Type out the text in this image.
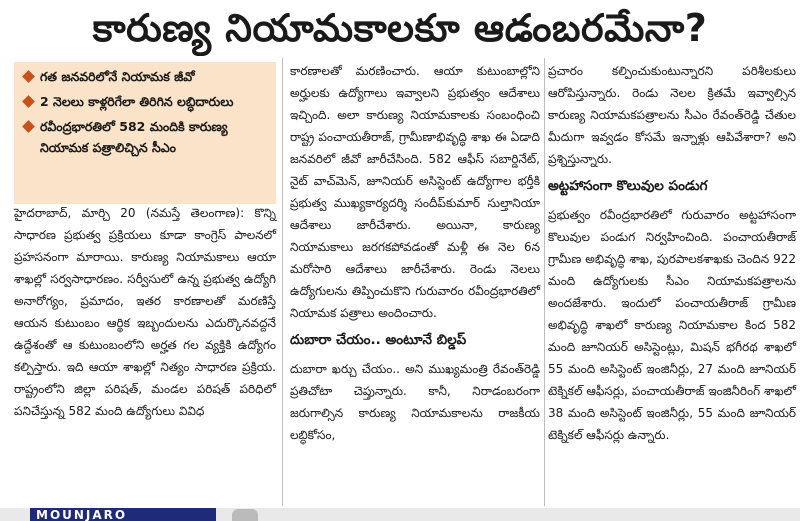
కారుణ్య నియామకాలకూ ఆడంబరమేనా?
గత జనవరిలోనే నియామక జీవో
2 నెలలు కాళ్లరిగేలా తిరిగిన లబ్ధిదారులు
రవీంద్రభారతిలో 582 మందికి కారుణ్య నియామక పత్రాలిచ్చిన సీఎం

హైదరాబాద్, మార్చి 20 (నమస్తే తెలంగాణ): కొన్ని సాధారణ ప్రభుత్వ ప్రక్రియలు కూడా కాంగ్రెస్ పాలనలో ప్రహసనంగా మారాయి. కారుణ్య నియామకాలు ఆయా శాఖల్లో సర్వసాధారణం. సర్వీసులో ఉన్న ప్రభుత్వ ఉద్యోగి అనారోగ్యం, ప్రమాదం, ఇతర కారణాలతో మరణిస్తే ఆయన కుటుంబం ఆర్థిక ఇబ్బందులను ఎదుర్కొనవద్దనే ఉద్దేశంతో ఆ కుటుంబంలోని అర్హత గల వ్యక్తికి ఉద్యోగం కల్పిస్తారు. ఇది ఆయా శాఖల్లో నిత్యం సాధారణ ప్రక్రియ. రాష్ట్రంలోని జిల్లా పరిషత్, మండల పరిషత్ పరిధిలో పనిచేస్తున్న 582 మంది ఉద్యోగులు వివిధ

కారణాలతో మరణించారు. ఆయా కుటుంబాల్లోని అర్హులకు ఉద్యోగాలు ఇవ్వాలని ప్రభుత్వం ఆదేశాలు ఇచ్చింది. అలా కారుణ్య నియామకాలకు సంబంధించి రాష్ట్ర పంచాయతీరాజ్, గ్రామీణాభివృద్ధి శాఖ ఈ ఏడాది జనవరిలో జీవో జారీచేసింది. 582 ఆఫీస్ సబార్డినేట్, నైట్ వాచ్‌మెన్, జూనియర్ అసిస్టెంట్ ఉద్యోగాల భర్తీకి ప్రభుత్వ ముఖ్యకార్యదర్శి సందీప్‌కుమార్ సుల్తానియా ఆదేశాలు జారీచేశారు. అయినా, కారుణ్య నియామకాలు జరగకపోవడంతో మళ్లీ ఈ నెల 6న మరోసారి ఆదేశాలు జారీచేశారు. రెండు నెలలు ఉద్యోగులను తిప్పించుకొని గురువారం రవీంద్రభారతిలో నియామక పత్రాలు అందించారు.

దుబారా చేయం.. అంటూనే బిల్డప్

దుబారా ఖర్చు చేయం.. అని ముఖ్యమంత్రి రేవంత్‌రెడ్డి ప్రతిచోటా చెప్తున్నారు. కానీ, నిరాడంబరంగా జరుగాల్సిన కారుణ్య నియామకాలను రాజకీయ లబ్ధికోసం,

ప్రచారం కల్పించుకుంటున్నారని పరిశీలకులు ఆరోపిస్తున్నారు. రెండు నెలల క్రితమే ఇవ్వాల్సిన కారుణ్య నియామకపత్రాలను సీఎం రేవంత్‌రెడ్డి చేతుల మీదుగా ఇవ్వడం కోసమే ఇన్నాళ్లు ఆపివేశారా? అని ప్రశ్నిస్తున్నారు.

అట్టహాసంగా కొలువుల పండుగ

ప్రభుత్వం రవీంద్రభారతిలో గురువారం అట్టహాసంగా కొలువుల పండుగ నిర్వహించింది. పంచాయతీరాజ్ గ్రామీణ అభివృద్ధి శాఖ, పురపాలకశాఖకు చెందిన 922 మంది ఉద్యోగులకు సీఎం నియామకపత్రాలను అందజేశారు. ఇందులో పంచాయతీరాజ్ గ్రామీణ అభివృద్ధి శాఖలో కారుణ్య నియామకాల కింద 582 మంది జూనియర్ అసిస్టెంట్లు, మిషన్ భగీరథ శాఖలో 55 మంది అసిస్టెంట్ ఇంజినీర్లు, 27 మంది జూనియర్ టెక్నికల్ ఆఫీసర్లు, పంచాయతీరాజ్ ఇంజినీరింగ్ శాఖలో 38 మంది అసిస్టెంట్ ఇంజినీర్లు, 55 మంది జూనియర్ టెక్నికల్ ఆఫీసర్లు ఉన్నారు.

MOUNJARO
